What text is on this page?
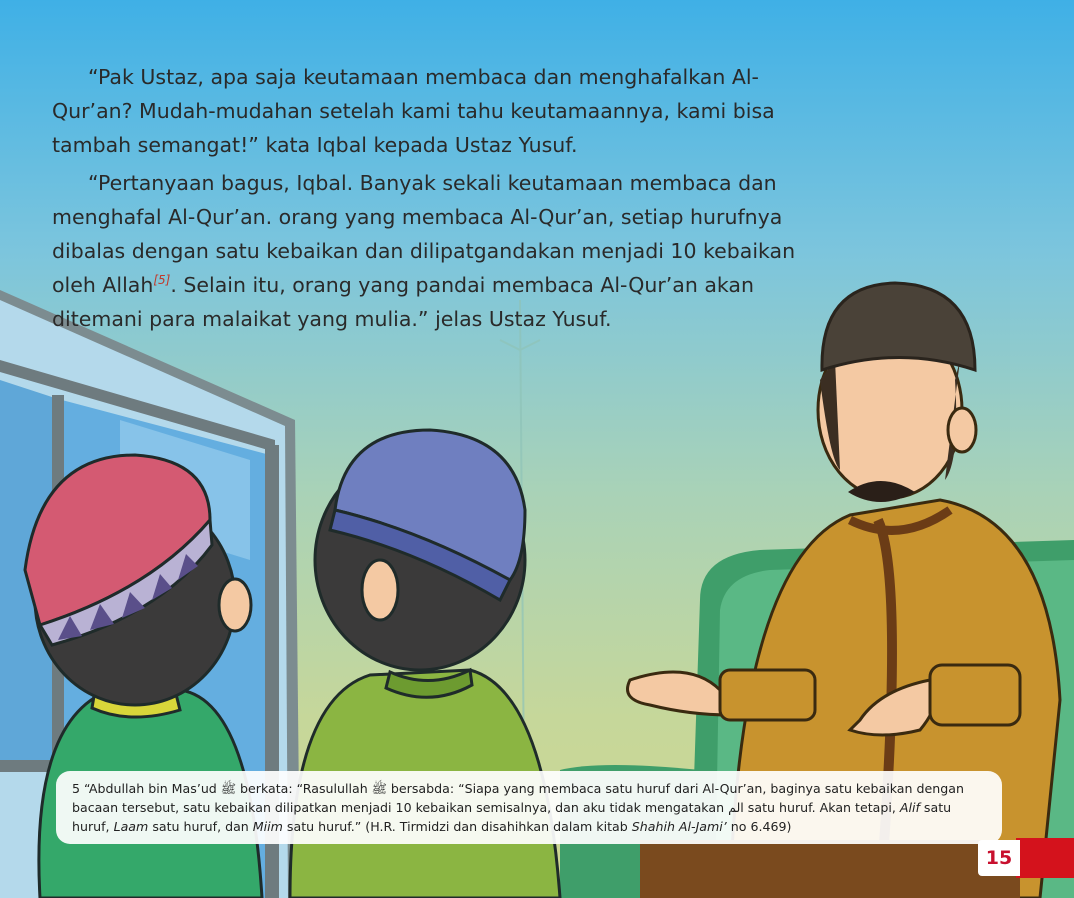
“Pak Ustaz, apa saja keutamaan membaca dan menghafalkan Al-Qur’an? Mudah-mudahan setelah kami tahu keutamaannya, kami bisa tambah semangat!” kata Iqbal kepada Ustaz Yusuf.

“Pertanyaan bagus, Iqbal. Banyak sekali keutamaan membaca dan menghafal Al-Qur’an. orang yang membaca Al-Qur’an, setiap hurufnya dibalas dengan satu kebaikan dan dilipatgandakan menjadi 10 kebaikan oleh Allah[5]. Selain itu, orang yang pandai membaca Al-Qur’an akan ditemani para malaikat yang mulia.” jelas Ustaz Yusuf.

5 “Abdullah bin Mas’ud ﷺ berkata: “Rasulullah ﷺ bersabda: “Siapa yang membaca satu huruf dari Al-Qur’an, baginya satu kebaikan dengan bacaan tersebut, satu kebaikan dilipatkan menjadi 10 kebaikan semisalnya, dan aku tidak mengatakan الم satu huruf. Akan tetapi, Alif satu huruf, Laam satu huruf, dan Miim satu huruf.” (H.R. Tirmidzi dan disahihkan dalam kitab Shahih Al-Jami’ no 6.469)
15
